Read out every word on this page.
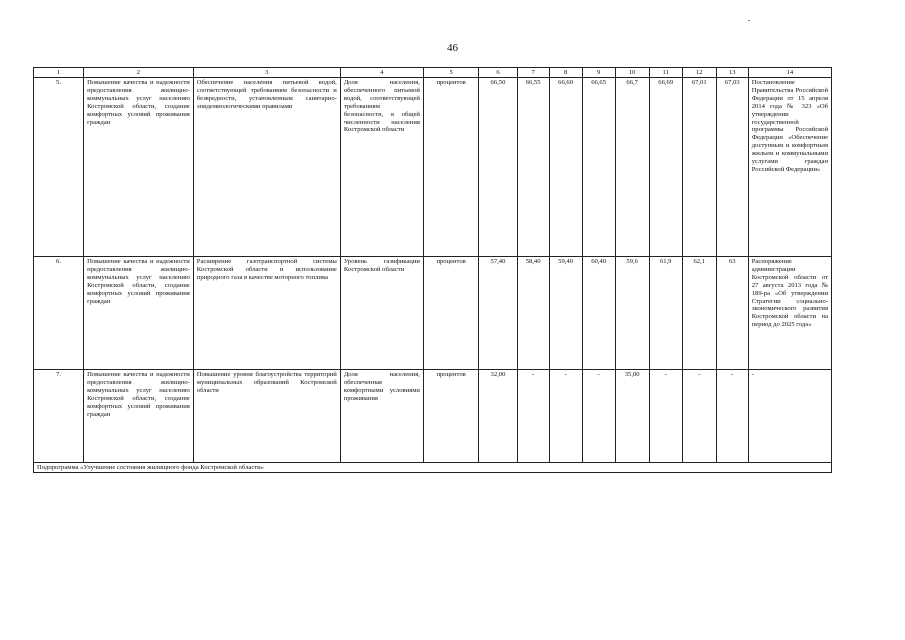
46
1	2	3	4	5	6	7	8	9	10	11	12	13	14
5.	Повышение качества и надежности предоставления жилищно-коммунальных услуг населению Костромской области, создание комфортных условий проживания граждан	Обеспечение населения питьевой водой, соответствующей требованиям безопасности и безвредности, установленным санитарно-эпидемиологическими правилами	Доля населения, обеспеченного питьевой водой, соответствующей требованиям безопасности, в общей численности населения Костромской области	процентов	66,50	66,55	66,60	66,65	66,7	66,69	67,01	67,03	Постановление Правительства Российской Федерации от 15 апреля 2014 года № 323 «Об утверждении государственной программы Российской Федерации «Обеспечение доступным и комфортным жильем и коммунальными услугами граждан Российской Федерации»
6.	Повышение качества и надежности предоставления жилищно-коммунальных услуг населению Костромской области, создание комфортных условий проживания граждан	Расширение газотранспортной системы Костромской области и использование природного газа в качестве моторного топлива	Уровень газификации Костромской области	процентов	57,40	58,40	59,40	60,40	59,6	61,9	62,1	63	Распоряжение администрации Костромской области от 27 августа 2013 года № 189-ра «Об утверждении Стратегии социально-экономического развития Костромской области на период до 2025 года»
7.	Повышение качества и надежности предоставления жилищно-коммунальных услуг населению Костромской области, создание комфортных условий проживания граждан	Повышение уровня благоустройства территорий муниципальных образований Костромской области	Доля населения, обеспеченная комфортными условиями проживания	процентов	32,00	-	-	-	35,00	-	-	-	-
Подпрограмма «Улучшение состояния жилищного фонда Костромской области»													
